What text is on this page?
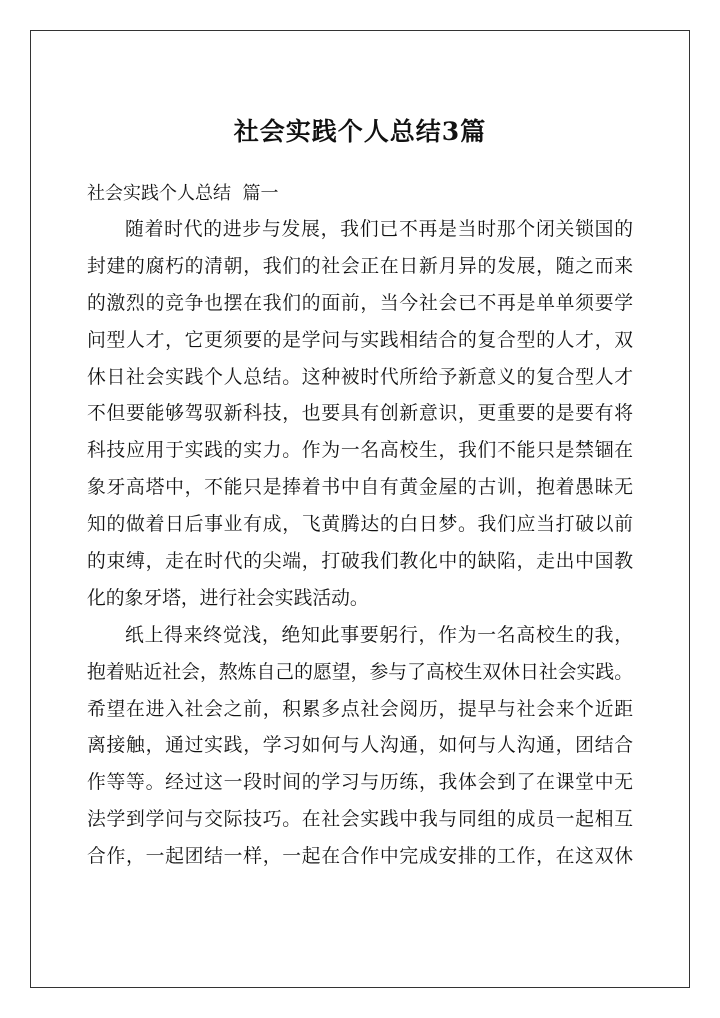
社会实践个人总结3篇
社会实践个人总结  篇一
随着时代的进步与发展，我们已不再是当时那个闭关锁国的
封建的腐朽的清朝，我们的社会正在日新月异的发展，随之而来
的激烈的竞争也摆在我们的面前，当今社会已不再是单单须要学
问型人才，它更须要的是学问与实践相结合的复合型的人才，双
休日社会实践个人总结。这种被时代所给予新意义的复合型人才
不但要能够驾驭新科技，也要具有创新意识，更重要的是要有将
科技应用于实践的实力。作为一名高校生，我们不能只是禁锢在
象牙高塔中，不能只是捧着书中自有黄金屋的古训，抱着愚昧无
知的做着日后事业有成，飞黄腾达的白日梦。我们应当打破以前
的束缚，走在时代的尖端，打破我们教化中的缺陷，走出中国教
化的象牙塔，进行社会实践活动。
纸上得来终觉浅，绝知此事要躬行，作为一名高校生的我，
抱着贴近社会，熬炼自己的愿望，参与了高校生双休日社会实践。
希望在进入社会之前，积累多点社会阅历，提早与社会来个近距
离接触，通过实践，学习如何与人沟通，如何与人沟通，团结合
作等等。经过这一段时间的学习与历练，我体会到了在课堂中无
法学到学问与交际技巧。在社会实践中我与同组的成员一起相互
合作，一起团结一样，一起在合作中完成安排的工作，在这双休
